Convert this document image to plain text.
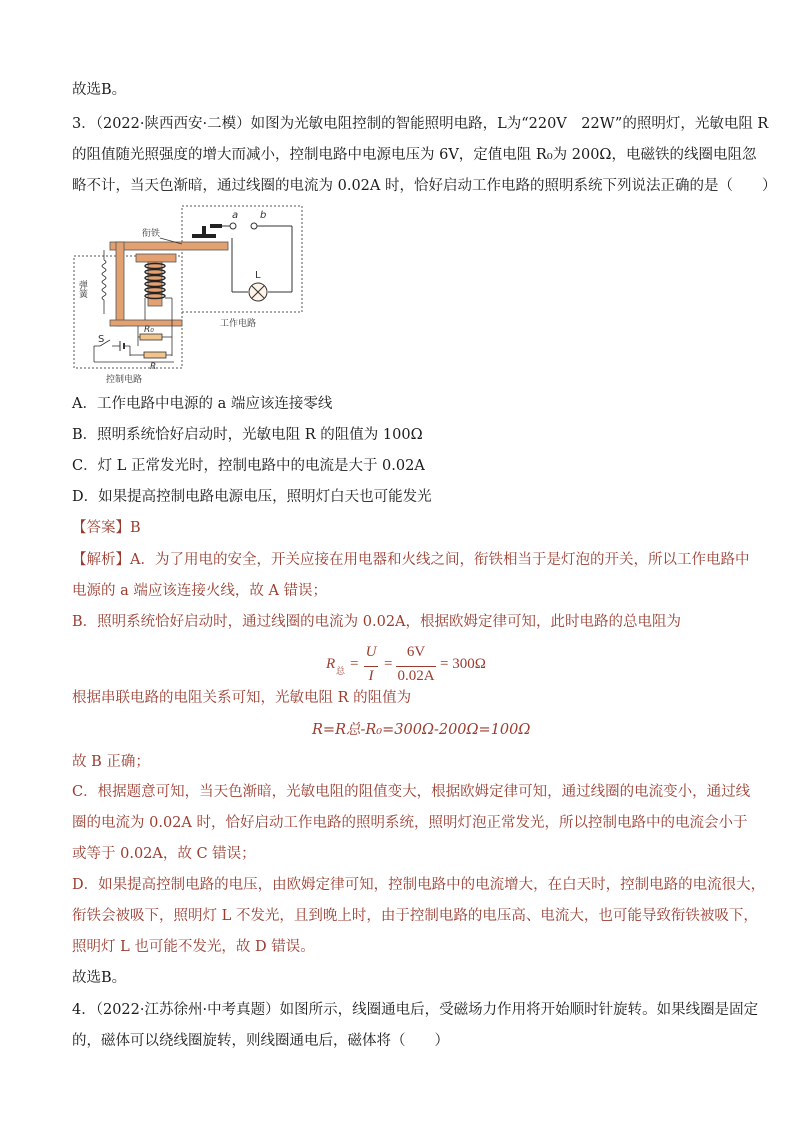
故选B。
3．（2022·陕西西安·二模）如图为光敏电阻控制的智能照明电路，L为“220V　22W”的照明灯，光敏电阻 R
的阻值随光照强度的增大而减小，控制电路中电源电压为 6V，定值电阻 R₀为 200Ω，电磁铁的线圈电阻忽
略不计，当天色渐暗，通过线圈的电流为 0.02A 时，恰好启动工作电路的照明系统下列说法正确的是（　　）
衔铁
a b
L
弹簧
S
R₀
R
工作电路
控制电路
A．工作电路中电源的 a 端应该连接零线
B．照明系统恰好启动时，光敏电阻 R 的阻值为 100Ω
C．灯 L 正常发光时，控制电路中的电流是大于 0.02A
D．如果提高控制电路电源电压，照明灯白天也可能发光
【答案】B
【解析】A．为了用电的安全，开关应接在用电器和火线之间，衔铁相当于是灯泡的开关，所以工作电路中
电源的 a 端应该连接火线，故 A 错误；
B．照明系统恰好启动时，通过线圈的电流为 0.02A，根据欧姆定律可知，此时电路的总电阻为
R 总 =
U
I
=
6V
0.02A
= 300Ω
根据串联电路的电阻关系可知，光敏电阻 R 的阻值为
R=R总-R₀=300Ω-200Ω=100Ω
故 B 正确；
C．根据题意可知，当天色渐暗，光敏电阻的阻值变大，根据欧姆定律可知，通过线圈的电流变小，通过线
圈的电流为 0.02A 时，恰好启动工作电路的照明系统，照明灯泡正常发光，所以控制电路中的电流会小于
或等于 0.02A，故 C 错误；
D．如果提高控制电路的电压，由欧姆定律可知，控制电路中的电流增大，在白天时，控制电路的电流很大，
衔铁会被吸下，照明灯 L 不发光，且到晚上时，由于控制电路的电压高、电流大，也可能导致衔铁被吸下，
照明灯 L 也可能不发光，故 D 错误。
故选B。
4．（2022·江苏徐州·中考真题）如图所示，线圈通电后，受磁场力作用将开始顺时针旋转。如果线圈是固定
的，磁体可以绕线圈旋转，则线圈通电后，磁体将（　　）
